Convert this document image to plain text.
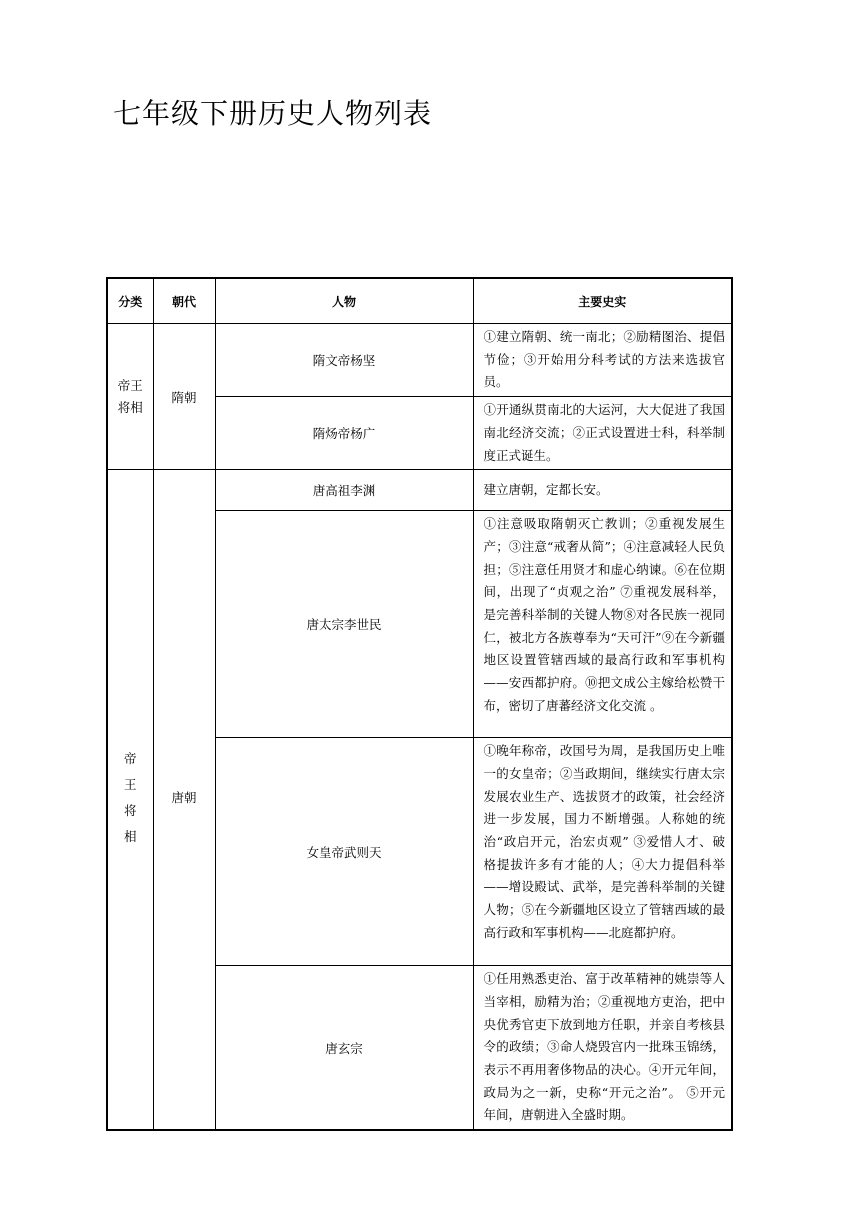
七年级下册历史人物列表
分类	朝代	人物	主要史实
帝王将相	隋朝	隋文帝杨坚	①建立隋朝、统一南北；②励精图治、提倡节俭；③开始用分科考试的方法来选拔官员。
		隋炀帝杨广	①开通纵贯南北的大运河，大大促进了我国南北经济交流；②正式设置进士科，科举制度正式诞生。
帝王将相	唐朝	唐高祖李渊	建立唐朝，定都长安。
		唐太宗李世民	①注意吸取隋朝灭亡教训；②重视发展生产；③注意“戒奢从简”；④注意减轻人民负担；⑤注意任用贤才和虚心纳谏。⑥在位期间，出现了“贞观之治” ⑦重视发展科举，是完善科举制的关键人物⑧对各民族一视同仁，被北方各族尊奉为“天可汗”⑨在今新疆地区设置管辖西域的最高行政和军事机构——安西都护府。⑩把文成公主嫁给松赞干布，密切了唐蕃经济文化交流 。
		女皇帝武则天	①晚年称帝，改国号为周，是我国历史上唯一的女皇帝；②当政期间，继续实行唐太宗发展农业生产、选拔贤才的政策，社会经济进一步发展，国力不断增强。人称她的统治“政启开元，治宏贞观” ③爱惜人才、破格提拔许多有才能的人；④大力提倡科举——增设殿试、武举，是完善科举制的关键人物；⑤在今新疆地区设立了管辖西域的最高行政和军事机构——北庭都护府。
		唐玄宗	①任用熟悉吏治、富于改革精神的姚崇等人当宰相，励精为治；②重视地方吏治，把中央优秀官吏下放到地方任职，并亲自考核县令的政绩；③命人烧毁宫内一批珠玉锦绣，表示不再用奢侈物品的决心。④开元年间，政局为之一新，史称“开元之治”。 ⑤开元年间，唐朝进入全盛时期。
